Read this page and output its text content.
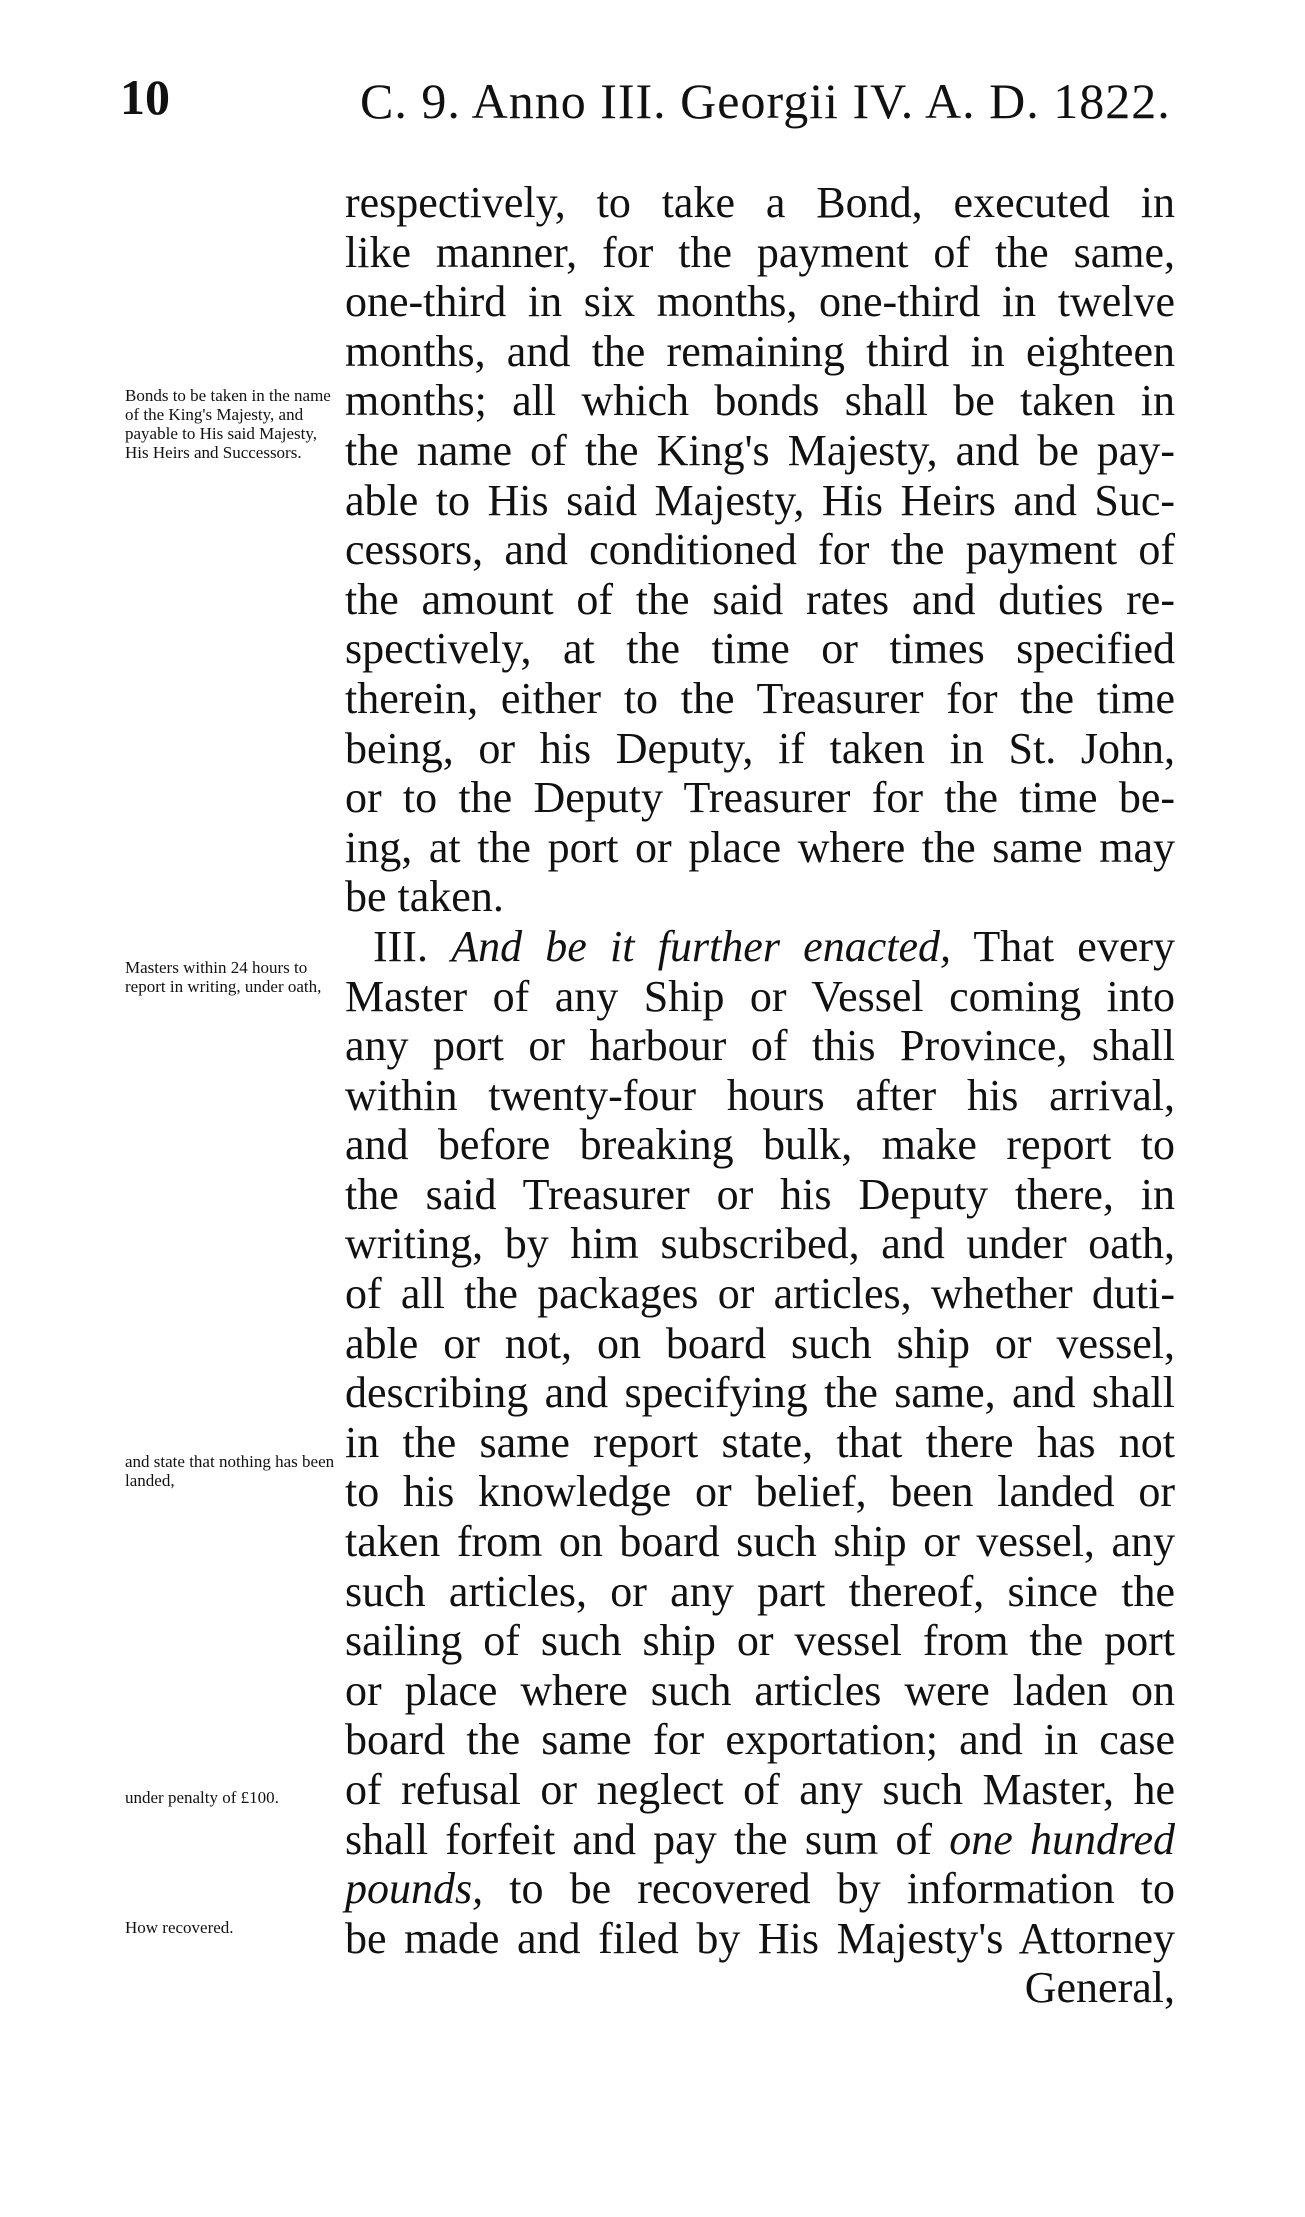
10	C. 9. Anno III. Georgii IV. A. D. 1822.
Bonds to be taken in the name of the King's Majesty, and payable to His said Majesty, His Heirs and Successors.
Masters within 24 hours to report in writing, under oath,
and state that nothing has been landed,
under penalty of £100.
How recovered.
respectively, to take a Bond, executed in
like manner, for the payment of the same,
one-third in six months, one-third in twelve
months, and the remaining third in eighteen
months; all which bonds shall be taken in
the name of the King's Majesty, and be pay-
able to His said Majesty, His Heirs and Suc-
cessors, and conditioned for the payment of
the amount of the said rates and duties re-
spectively, at the time or times specified
therein, either to the Treasurer for the time
being, or his Deputy, if taken in St. John,
or to the Deputy Treasurer for the time be-
ing, at the port or place where the same may
be taken.
III. And be it further enacted, That every
Master of any Ship or Vessel coming into
any port or harbour of this Province, shall
within twenty-four hours after his arrival,
and before breaking bulk, make report to
the said Treasurer or his Deputy there, in
writing, by him subscribed, and under oath,
of all the packages or articles, whether duti-
able or not, on board such ship or vessel,
describing and specifying the same, and shall
in the same report state, that there has not
to his knowledge or belief, been landed or
taken from on board such ship or vessel, any
such articles, or any part thereof, since the
sailing of such ship or vessel from the port
or place where such articles were laden on
board the same for exportation; and in case
of refusal or neglect of any such Master, he
shall forfeit and pay the sum of one hundred
pounds, to be recovered by information to
be made and filed by His Majesty's Attorney
General,
